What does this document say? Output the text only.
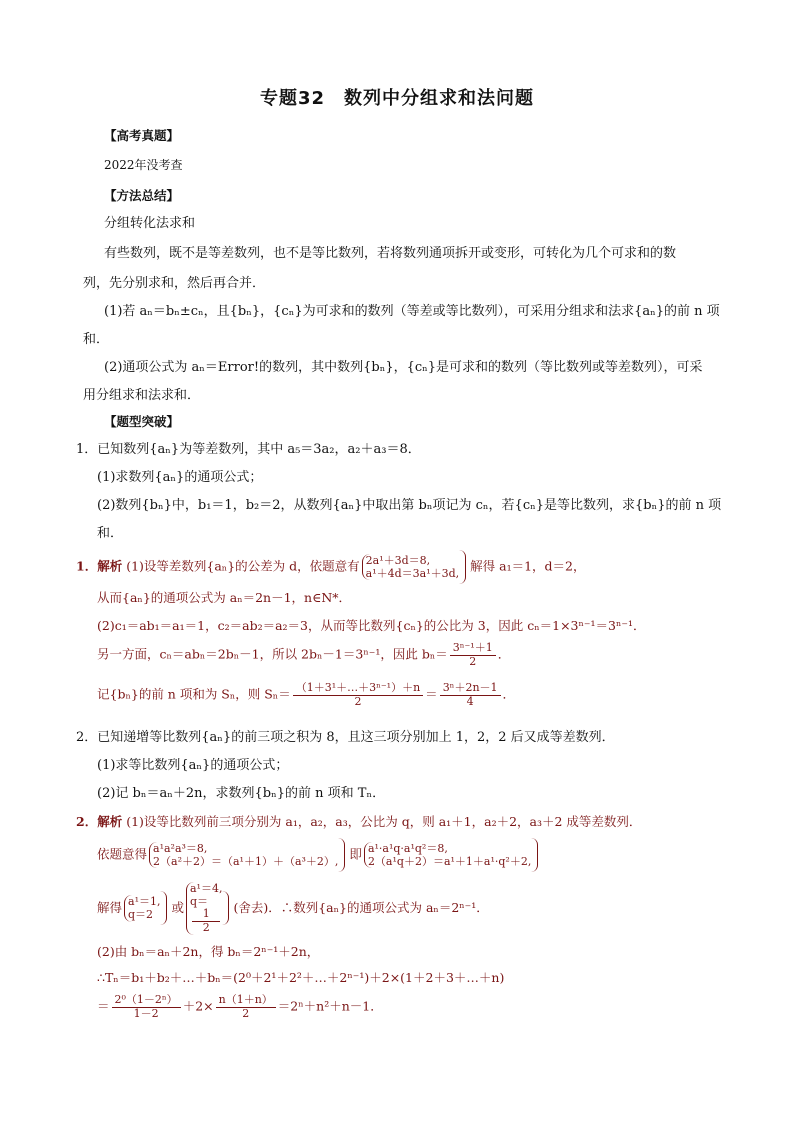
专题32　数列中分组求和法问题
【高考真题】
2022年没考查
【方法总结】
分组转化法求和
有些数列，既不是等差数列，也不是等比数列，若将数列通项拆开或变形，可转化为几个可求和的数
列，先分别求和，然后再合并．
(1)若 aₙ＝bₙ±cₙ，且{bₙ}，{cₙ}为可求和的数列（等差或等比数列），可采用分组求和法求{aₙ}的前 n 项
和．
(2)通项公式为 aₙ＝Error!的数列，其中数列{bₙ}，{cₙ}是可求和的数列（等比数列或等差数列），可采
用分组求和法求和．
【题型突破】
1．已知数列{aₙ}为等差数列，其中 a₅＝3a₂，a₂＋a₃＝8．
(1)求数列{aₙ}的通项公式；
(2)数列{bₙ}中，b₁＝1，b₂＝2，从数列{aₙ}中取出第 bₙ项记为 cₙ，若{cₙ}是等比数列，求{bₙ}的前 n 项
和．
1．解析 (1)设等差数列{aₙ}的公差为 d，依题意有 2a¹＋3d＝8,
a¹＋4d＝3a¹＋3d, 解得 a₁＝1，d＝2，
从而{aₙ}的通项公式为 aₙ＝2n－1，n∈N*．
(2)c₁＝ab₁＝a₁＝1，c₂＝ab₂＝a₂＝3，从而等比数列{cₙ}的公比为 3，因此 cₙ＝1×3ⁿ⁻¹＝3ⁿ⁻¹．
另一方面，cₙ＝abₙ＝2bₙ－1，所以 2bₙ－1＝3ⁿ⁻¹，因此 $b_n= \frac{\text{3ⁿ⁻¹＋1}}{2}$ ．
记{bₙ}的前 n 项和为 Sₙ，则 $S_n= \frac{\text{（1＋3¹＋…＋3ⁿ⁻¹）＋n}}{2} = \frac{\text{3ⁿ＋2n－1}}{4}$ ．
2．已知递增等比数列{aₙ}的前三项之积为 8，且这三项分别加上 1，2，2 后又成等差数列．
(1)求等比数列{aₙ}的通项公式；
(2)记 bₙ＝aₙ＋2n，求数列{bₙ}的前 n 项和 Tₙ．
2．解析 (1)设等比数列前三项分别为 a₁，a₂，a₃，公比为 q，则 a₁＋1，a₂＋2，a₃＋2 成等差数列．
依题意得 a¹a²a³＝8,
2（a²＋2）＝（a¹＋1）＋（a³＋2）, 即 a¹·a¹q·a¹q²＝8,
2（a¹q＋2）＝a¹＋1＋a¹·q²＋2,
解得 a¹＝1,
q＝2	或
a¹＝4,
q＝
1
2
(舍去)．∴数列{aₙ}的通项公式为 aₙ＝2ⁿ⁻¹．
(2)由 bₙ＝aₙ＋2n，得 bₙ＝2ⁿ⁻¹＋2n，
∴Tₙ＝b₁＋b₂＋…＋bₙ＝(2⁰＋2¹＋2²＋…＋2ⁿ⁻¹)＋2×(1＋2＋3＋…＋n)
＝ $\frac{\text{2⁰（1－2ⁿ）}}{1-2} +2\times \frac{n(1+n)}{2} =2^n+n^2+n-1$．
